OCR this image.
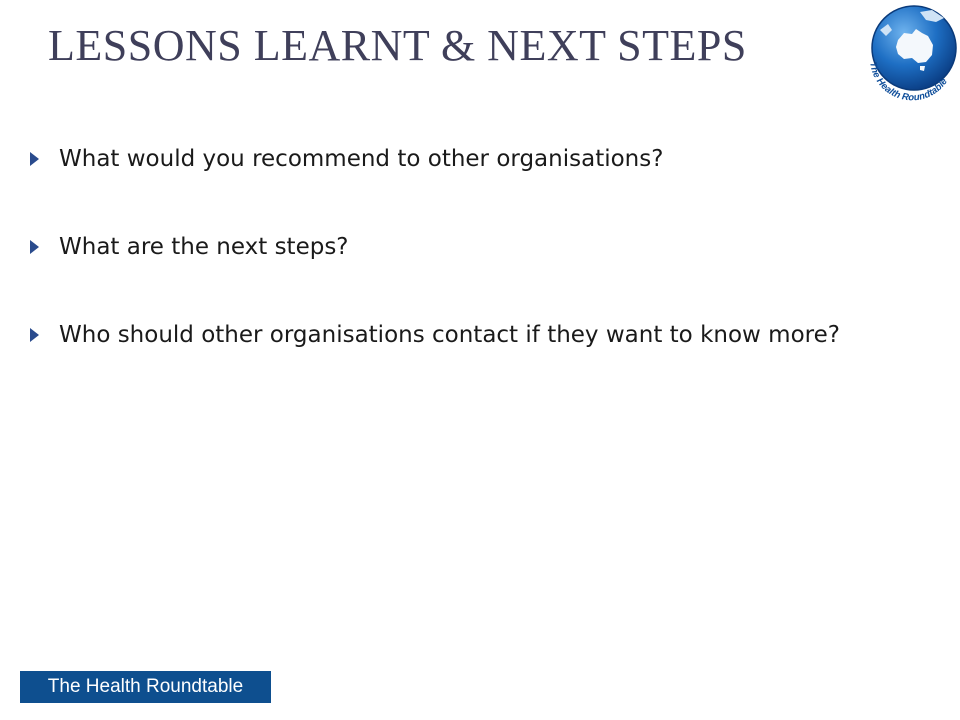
LESSONS LEARNT & NEXT STEPS	The Health Roundtable
What would you recommend to other organisations?
What are the next steps?
Who should other organisations contact if they want to know more?
The Health Roundtable
